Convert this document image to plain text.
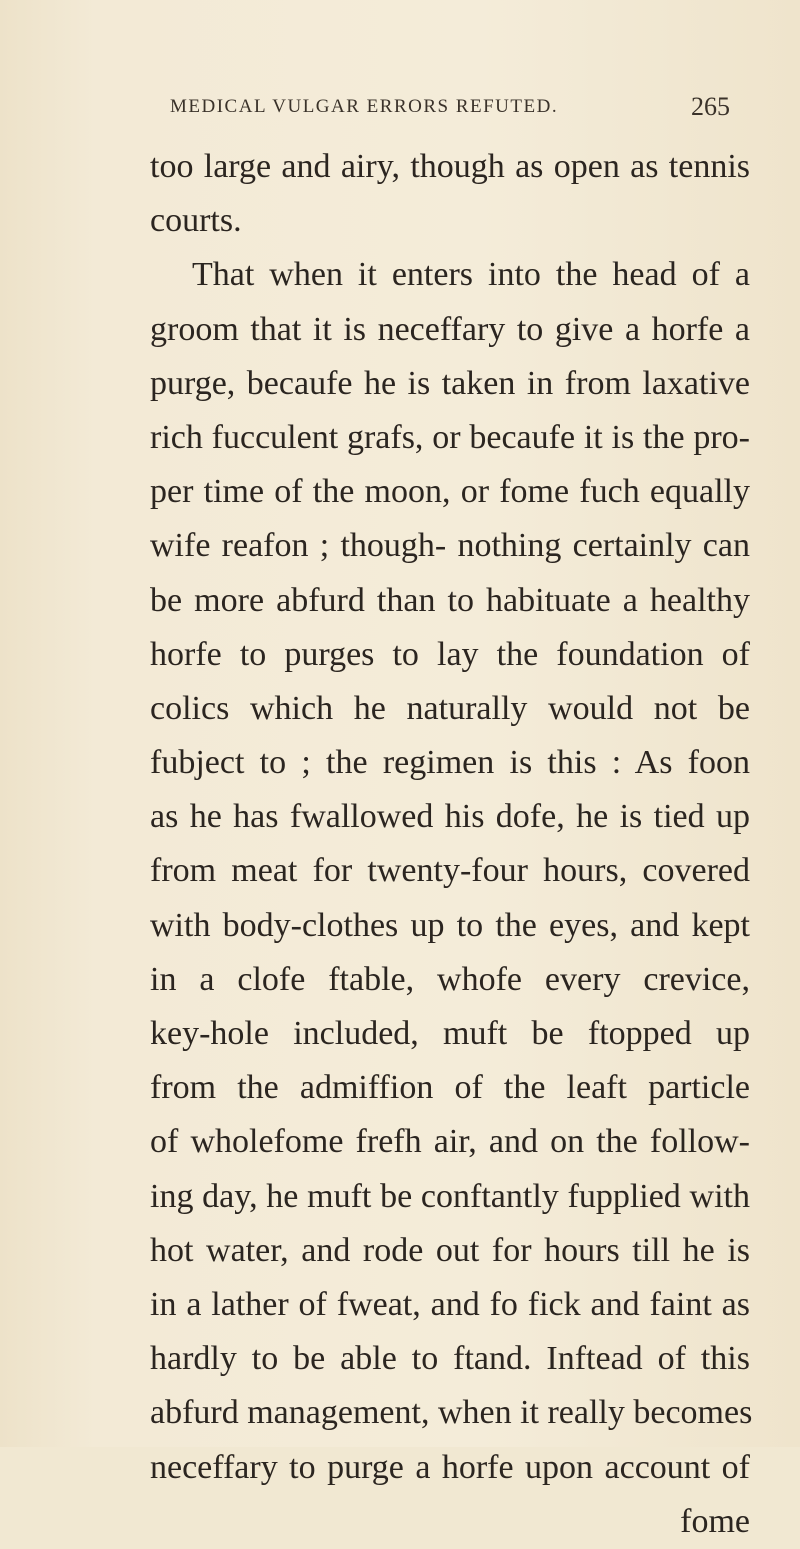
MEDICAL VULGAR ERRORS REFUTED.	265
too large and airy, though as open as tennis
courts.
That when it enters into the head of a
groom that it is neceffary to give a horfe a
purge, becaufe he is taken in from laxative
rich fucculent grafs, or becaufe it is the pro-
per time of the moon, or fome fuch equally
wife reafon ; though- nothing certainly can
be more abfurd than to habituate a healthy
horfe to purges to lay the foundation of
colics which he naturally would not be
fubject to ; the regimen is this : As foon
as he has fwallowed his dofe, he is tied up
from meat for twenty-four hours, covered
with body-clothes up to the eyes, and kept
in a clofe ftable, whofe every crevice,
key-hole included, muft be ftopped up
from the admiffion of the leaft particle
of wholefome frefh air, and on the follow-
ing day, he muft be conftantly fupplied with
hot water, and rode out for hours till he is
in a lather of fweat, and fo fick and faint as
hardly to be able to ftand. Inftead of this
abfurd management, when it really becomes
neceffary to purge a horfe upon account of
fome
